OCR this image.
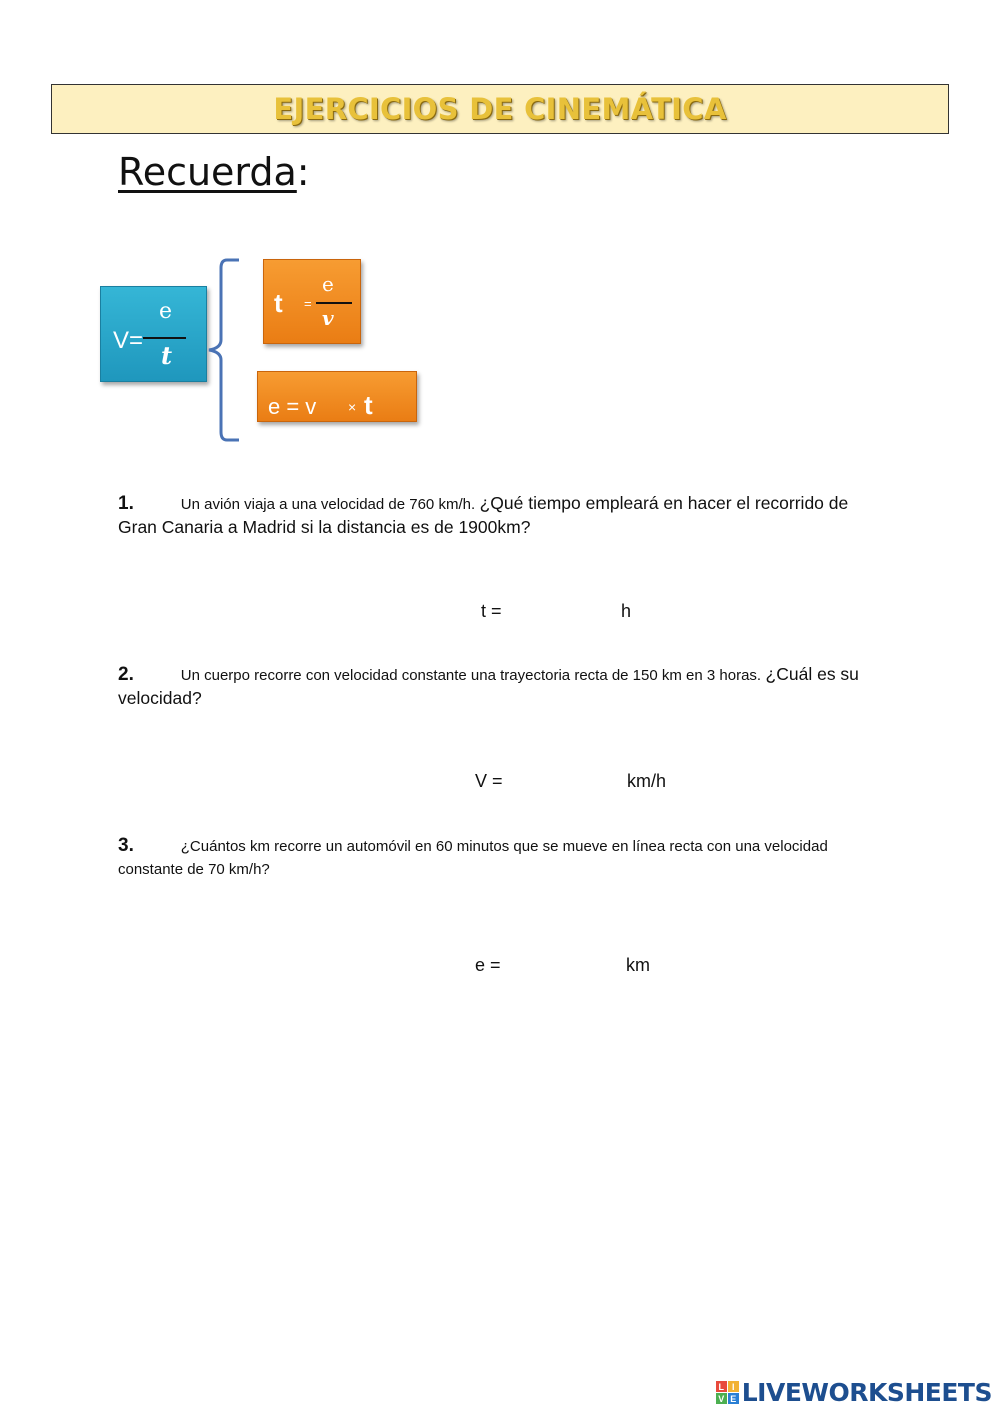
EJERCICIOS DE CINEMÁTICA
Recuerda:
V=
e
t
t =
e
v
e = v × t
1.	Un avión viaja a una velocidad de 760 km/h. ¿Qué tiempo empleará en hacer el recorrido de
Gran Canaria a Madrid si la distancia es de 1900km?
t =	h
2.	Un cuerpo recorre con velocidad constante una trayectoria recta de 150 km en 3 horas. ¿Cuál es su
velocidad?
V =	km/h
3.	¿Cuántos km recorre un automóvil en 60 minutos que se mueve en línea recta con una velocidad
constante de 70 km/h?
e =	km
L I
V E LIVEWORKSHEETS
